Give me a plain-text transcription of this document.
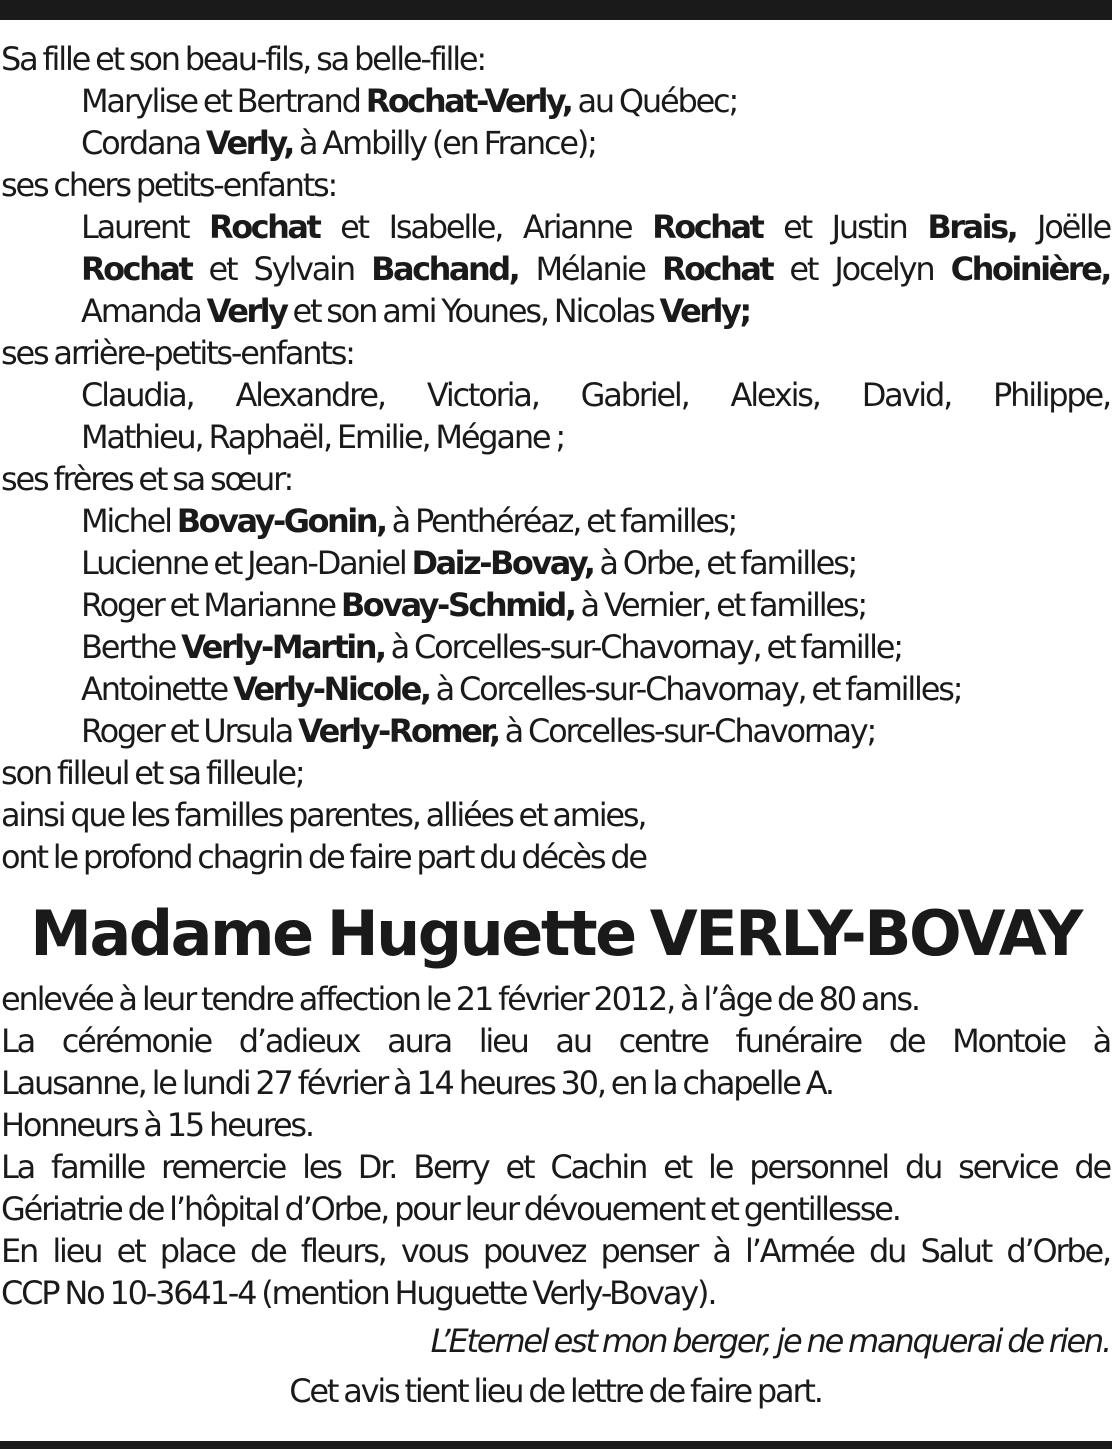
Sa fille et son beau-fils, sa belle-fille:
Marylise et Bertrand Rochat-Verly, au Québec;
Cordana Verly, à Ambilly (en France);
ses chers petits-enfants:
Laurent Rochat et Isabelle, Arianne Rochat et Justin Brais, Joëlle
Rochat et Sylvain Bachand, Mélanie Rochat et Jocelyn Choinière,
Amanda Verly et son ami Younes, Nicolas Verly;
ses arrière-petits-enfants:
Claudia, Alexandre, Victoria, Gabriel, Alexis, David, Philippe,
Mathieu, Raphaël, Emilie, Mégane ;
ses frères et sa sœur:
Michel Bovay-Gonin, à Penthéréaz, et familles;
Lucienne et Jean-Daniel Daiz-Bovay, à Orbe, et familles;
Roger et Marianne Bovay-Schmid, à Vernier, et familles;
Berthe Verly-Martin, à Corcelles-sur-Chavornay, et famille;
Antoinette Verly-Nicole, à Corcelles-sur-Chavornay, et familles;
Roger et Ursula Verly-Romer, à Corcelles-sur-Chavornay;
son filleul et sa filleule;
ainsi que les familles parentes, alliées et amies,
ont le profond chagrin de faire part du décès de
Madame Huguette VERLY-BOVAY
enlevée à leur tendre affection le 21 février 2012, à l’âge de 80 ans.
La cérémonie d’adieux aura lieu au centre funéraire de Montoie à
Lausanne, le lundi 27 février à 14 heures 30, en la chapelle A.
Honneurs à 15 heures.
La famille remercie les Dr. Berry et Cachin et le personnel du service de
Gériatrie de l’hôpital d’Orbe, pour leur dévouement et gentillesse.
En lieu et place de fleurs, vous pouvez penser à l’Armée du Salut d’Orbe,
CCP No 10-3641-4 (mention Huguette Verly-Bovay).
L’Eternel est mon berger, je ne manquerai de rien.
Cet avis tient lieu de lettre de faire part.
